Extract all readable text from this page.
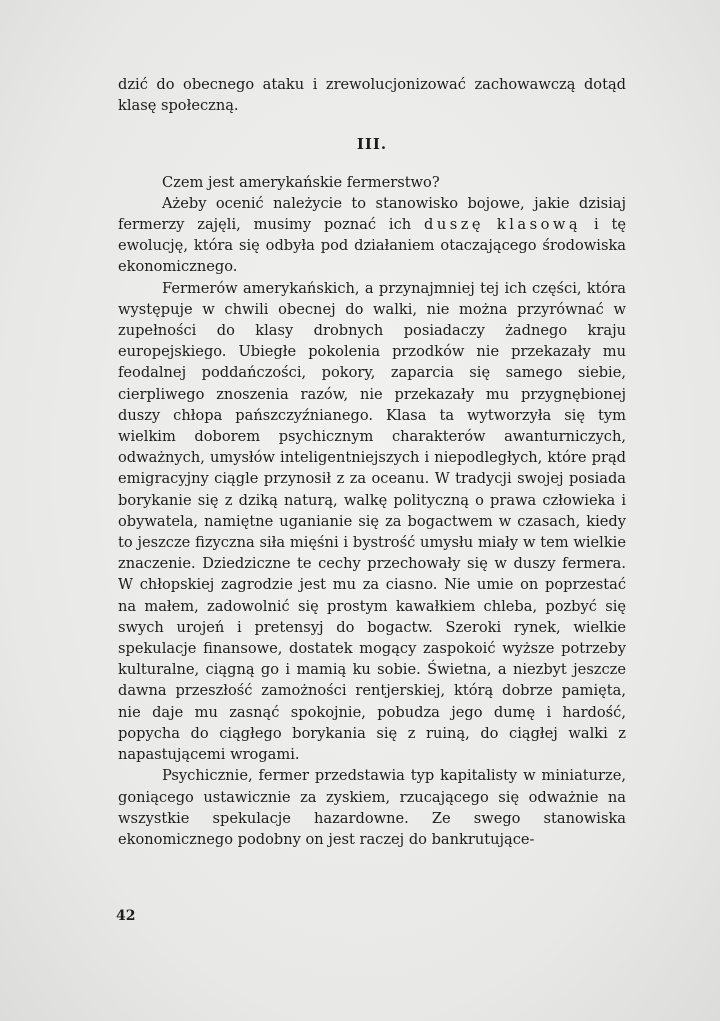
dzić do obecnego ataku i zrewolucjonizować zachowawczą dotąd klasę społeczną.

III.

Czem jest amerykańskie fermerstwo?

Ażeby ocenić należycie to stanowisko bojowe, jakie dzisiaj fermerzy zajęli, musimy poznać ich duszę klasową i tę ewolucję, która się odbyła pod działaniem otaczającego środowiska ekonomicznego.

Fermerów amerykańskich, a przynajmniej tej ich części, która występuje w chwili obecnej do walki, nie można przyrównać w zupełności do klasy drobnych posiadaczy żadnego kraju europejskiego. Ubiegłe pokolenia przodków nie przekazały mu feodalnej poddańczości, pokory, zaparcia się samego siebie, cierpliwego znoszenia razów, nie przekazały mu przygnębionej duszy chłopa pańszczyźnianego. Klasa ta wytworzyła się tym wielkim doborem psychicznym charakterów awanturniczych, odważnych, umysłów inteligentniejszych i niepodległych, które prąd emigracyjny ciągle przynosił z za oceanu. W tradycji swojej posiada borykanie się z dziką naturą, walkę polityczną o prawa człowieka i obywatela, namiętne uganianie się za bogactwem w czasach, kiedy to jeszcze fizyczna siła mięśni i bystrość umysłu miały w tem wielkie znaczenie. Dziedziczne te cechy przechowały się w duszy fermera. W chłopskiej zagrodzie jest mu za ciasno. Nie umie on poprzestać na małem, zadowolnić się prostym kawałkiem chleba, pozbyć się swych urojeń i pretensyj do bogactw. Szeroki rynek, wielkie spekulacje finansowe, dostatek mogący zaspokoić wyższe potrzeby kulturalne, ciągną go i mamią ku sobie. Świetna, a niezbyt jeszcze dawna przeszłość zamożności rentjerskiej, którą dobrze pamięta, nie daje mu zasnąć spokojnie, pobudza jego dumę i hardość, popycha do ciągłego borykania się z ruiną, do ciągłej walki z napastującemi wrogami.

Psychicznie, fermer przedstawia typ kapitalisty w miniaturze, goniącego ustawicznie za zyskiem, rzucającego się odważnie na wszystkie spekulacje hazardowne. Ze swego stanowiska ekonomicznego podobny on jest raczej do bankrutujące-

42
